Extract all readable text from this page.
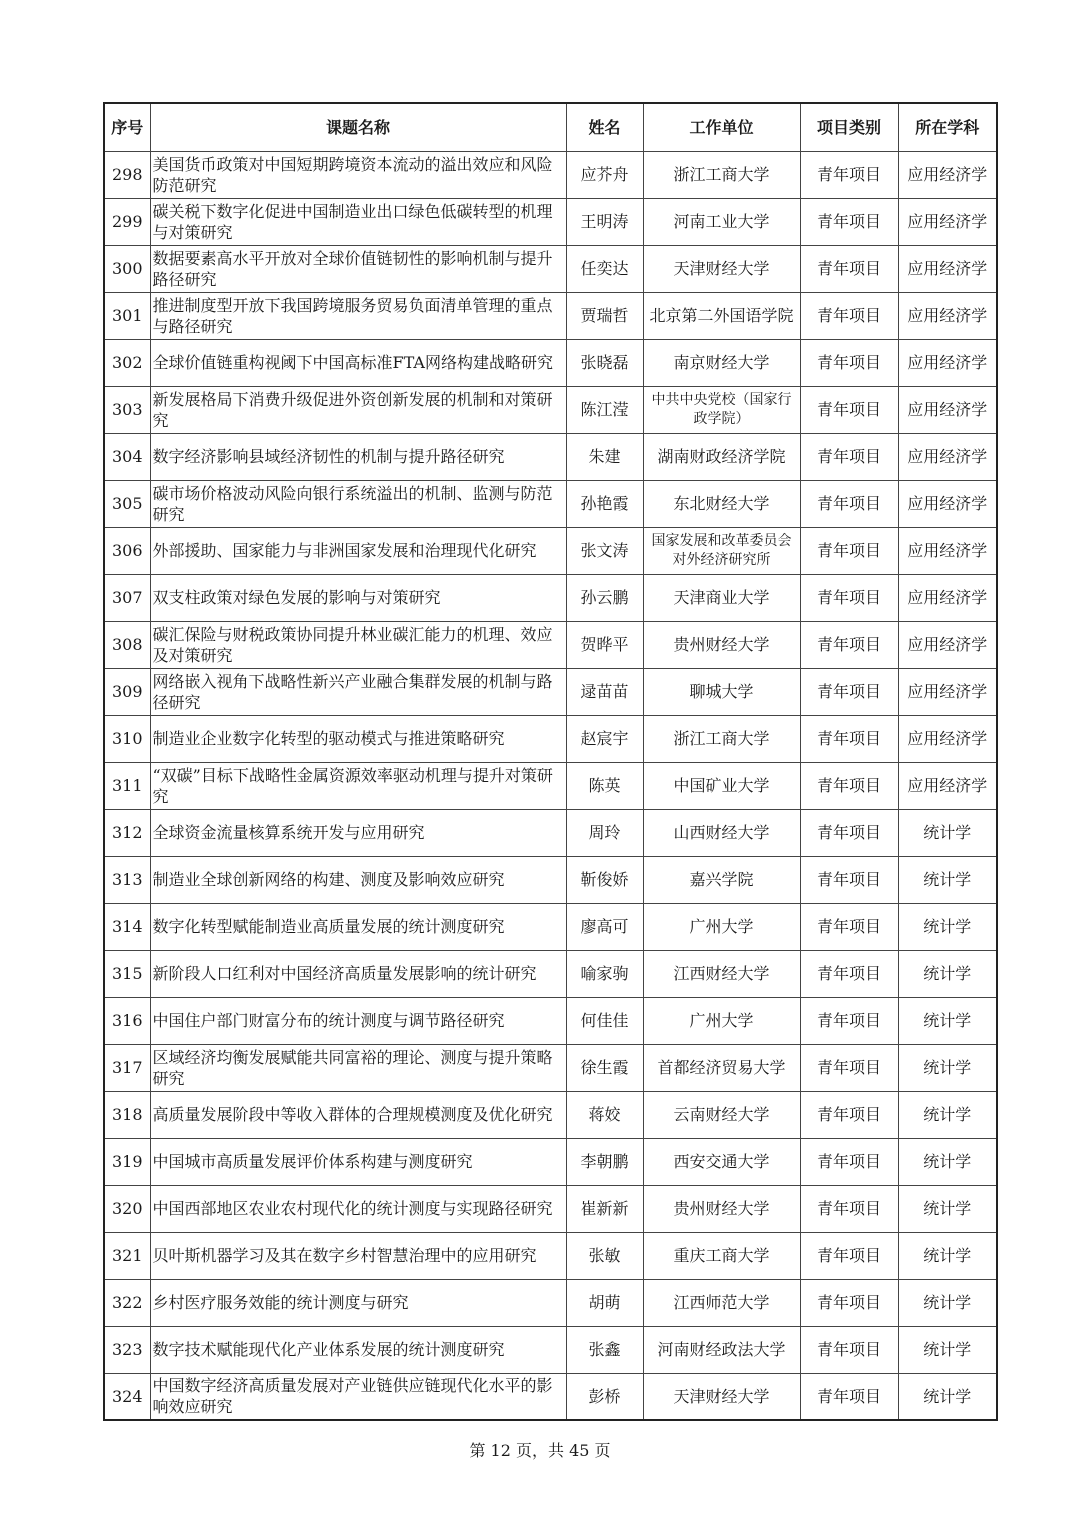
序号	课题名称	姓名	工作单位	项目类别	所在学科
298	美国货币政策对中国短期跨境资本流动的溢出效应和风险防范研究	应芥舟	浙江工商大学	青年项目	应用经济学
299	碳关税下数字化促进中国制造业出口绿色低碳转型的机理与对策研究	王明涛	河南工业大学	青年项目	应用经济学
300	数据要素高水平开放对全球价值链韧性的影响机制与提升路径研究	任奕达	天津财经大学	青年项目	应用经济学
301	推进制度型开放下我国跨境服务贸易负面清单管理的重点与路径研究	贾瑞哲	北京第二外国语学院	青年项目	应用经济学
302	全球价值链重构视阈下中国高标准FTA网络构建战略研究	张晓磊	南京财经大学	青年项目	应用经济学
303	新发展格局下消费升级促进外资创新发展的机制和对策研究	陈江滢	中共中央党校（国家行政学院）	青年项目	应用经济学
304	数字经济影响县域经济韧性的机制与提升路径研究	朱建	湖南财政经济学院	青年项目	应用经济学
305	碳市场价格波动风险向银行系统溢出的机制、监测与防范研究	孙艳霞	东北财经大学	青年项目	应用经济学
306	外部援助、国家能力与非洲国家发展和治理现代化研究	张文涛	国家发展和改革委员会对外经济研究所	青年项目	应用经济学
307	双支柱政策对绿色发展的影响与对策研究	孙云鹏	天津商业大学	青年项目	应用经济学
308	碳汇保险与财税政策协同提升林业碳汇能力的机理、效应及对策研究	贺晔平	贵州财经大学	青年项目	应用经济学
309	网络嵌入视角下战略性新兴产业融合集群发展的机制与路径研究	逯苗苗	聊城大学	青年项目	应用经济学
310	制造业企业数字化转型的驱动模式与推进策略研究	赵宸宇	浙江工商大学	青年项目	应用经济学
311	“双碳”目标下战略性金属资源效率驱动机理与提升对策研究	陈英	中国矿业大学	青年项目	应用经济学
312	全球资金流量核算系统开发与应用研究	周玲	山西财经大学	青年项目	统计学
313	制造业全球创新网络的构建、测度及影响效应研究	靳俊娇	嘉兴学院	青年项目	统计学
314	数字化转型赋能制造业高质量发展的统计测度研究	廖高可	广州大学	青年项目	统计学
315	新阶段人口红利对中国经济高质量发展影响的统计研究	喻家驹	江西财经大学	青年项目	统计学
316	中国住户部门财富分布的统计测度与调节路径研究	何佳佳	广州大学	青年项目	统计学
317	区域经济均衡发展赋能共同富裕的理论、测度与提升策略研究	徐生霞	首都经济贸易大学	青年项目	统计学
318	高质量发展阶段中等收入群体的合理规模测度及优化研究	蒋姣	云南财经大学	青年项目	统计学
319	中国城市高质量发展评价体系构建与测度研究	李朝鹏	西安交通大学	青年项目	统计学
320	中国西部地区农业农村现代化的统计测度与实现路径研究	崔新新	贵州财经大学	青年项目	统计学
321	贝叶斯机器学习及其在数字乡村智慧治理中的应用研究	张敏	重庆工商大学	青年项目	统计学
322	乡村医疗服务效能的统计测度与研究	胡萌	江西师范大学	青年项目	统计学
323	数字技术赋能现代化产业体系发展的统计测度研究	张鑫	河南财经政法大学	青年项目	统计学
324	中国数字经济高质量发展对产业链供应链现代化水平的影响效应研究	彭桥	天津财经大学	青年项目	统计学
第 12 页，共 45 页
